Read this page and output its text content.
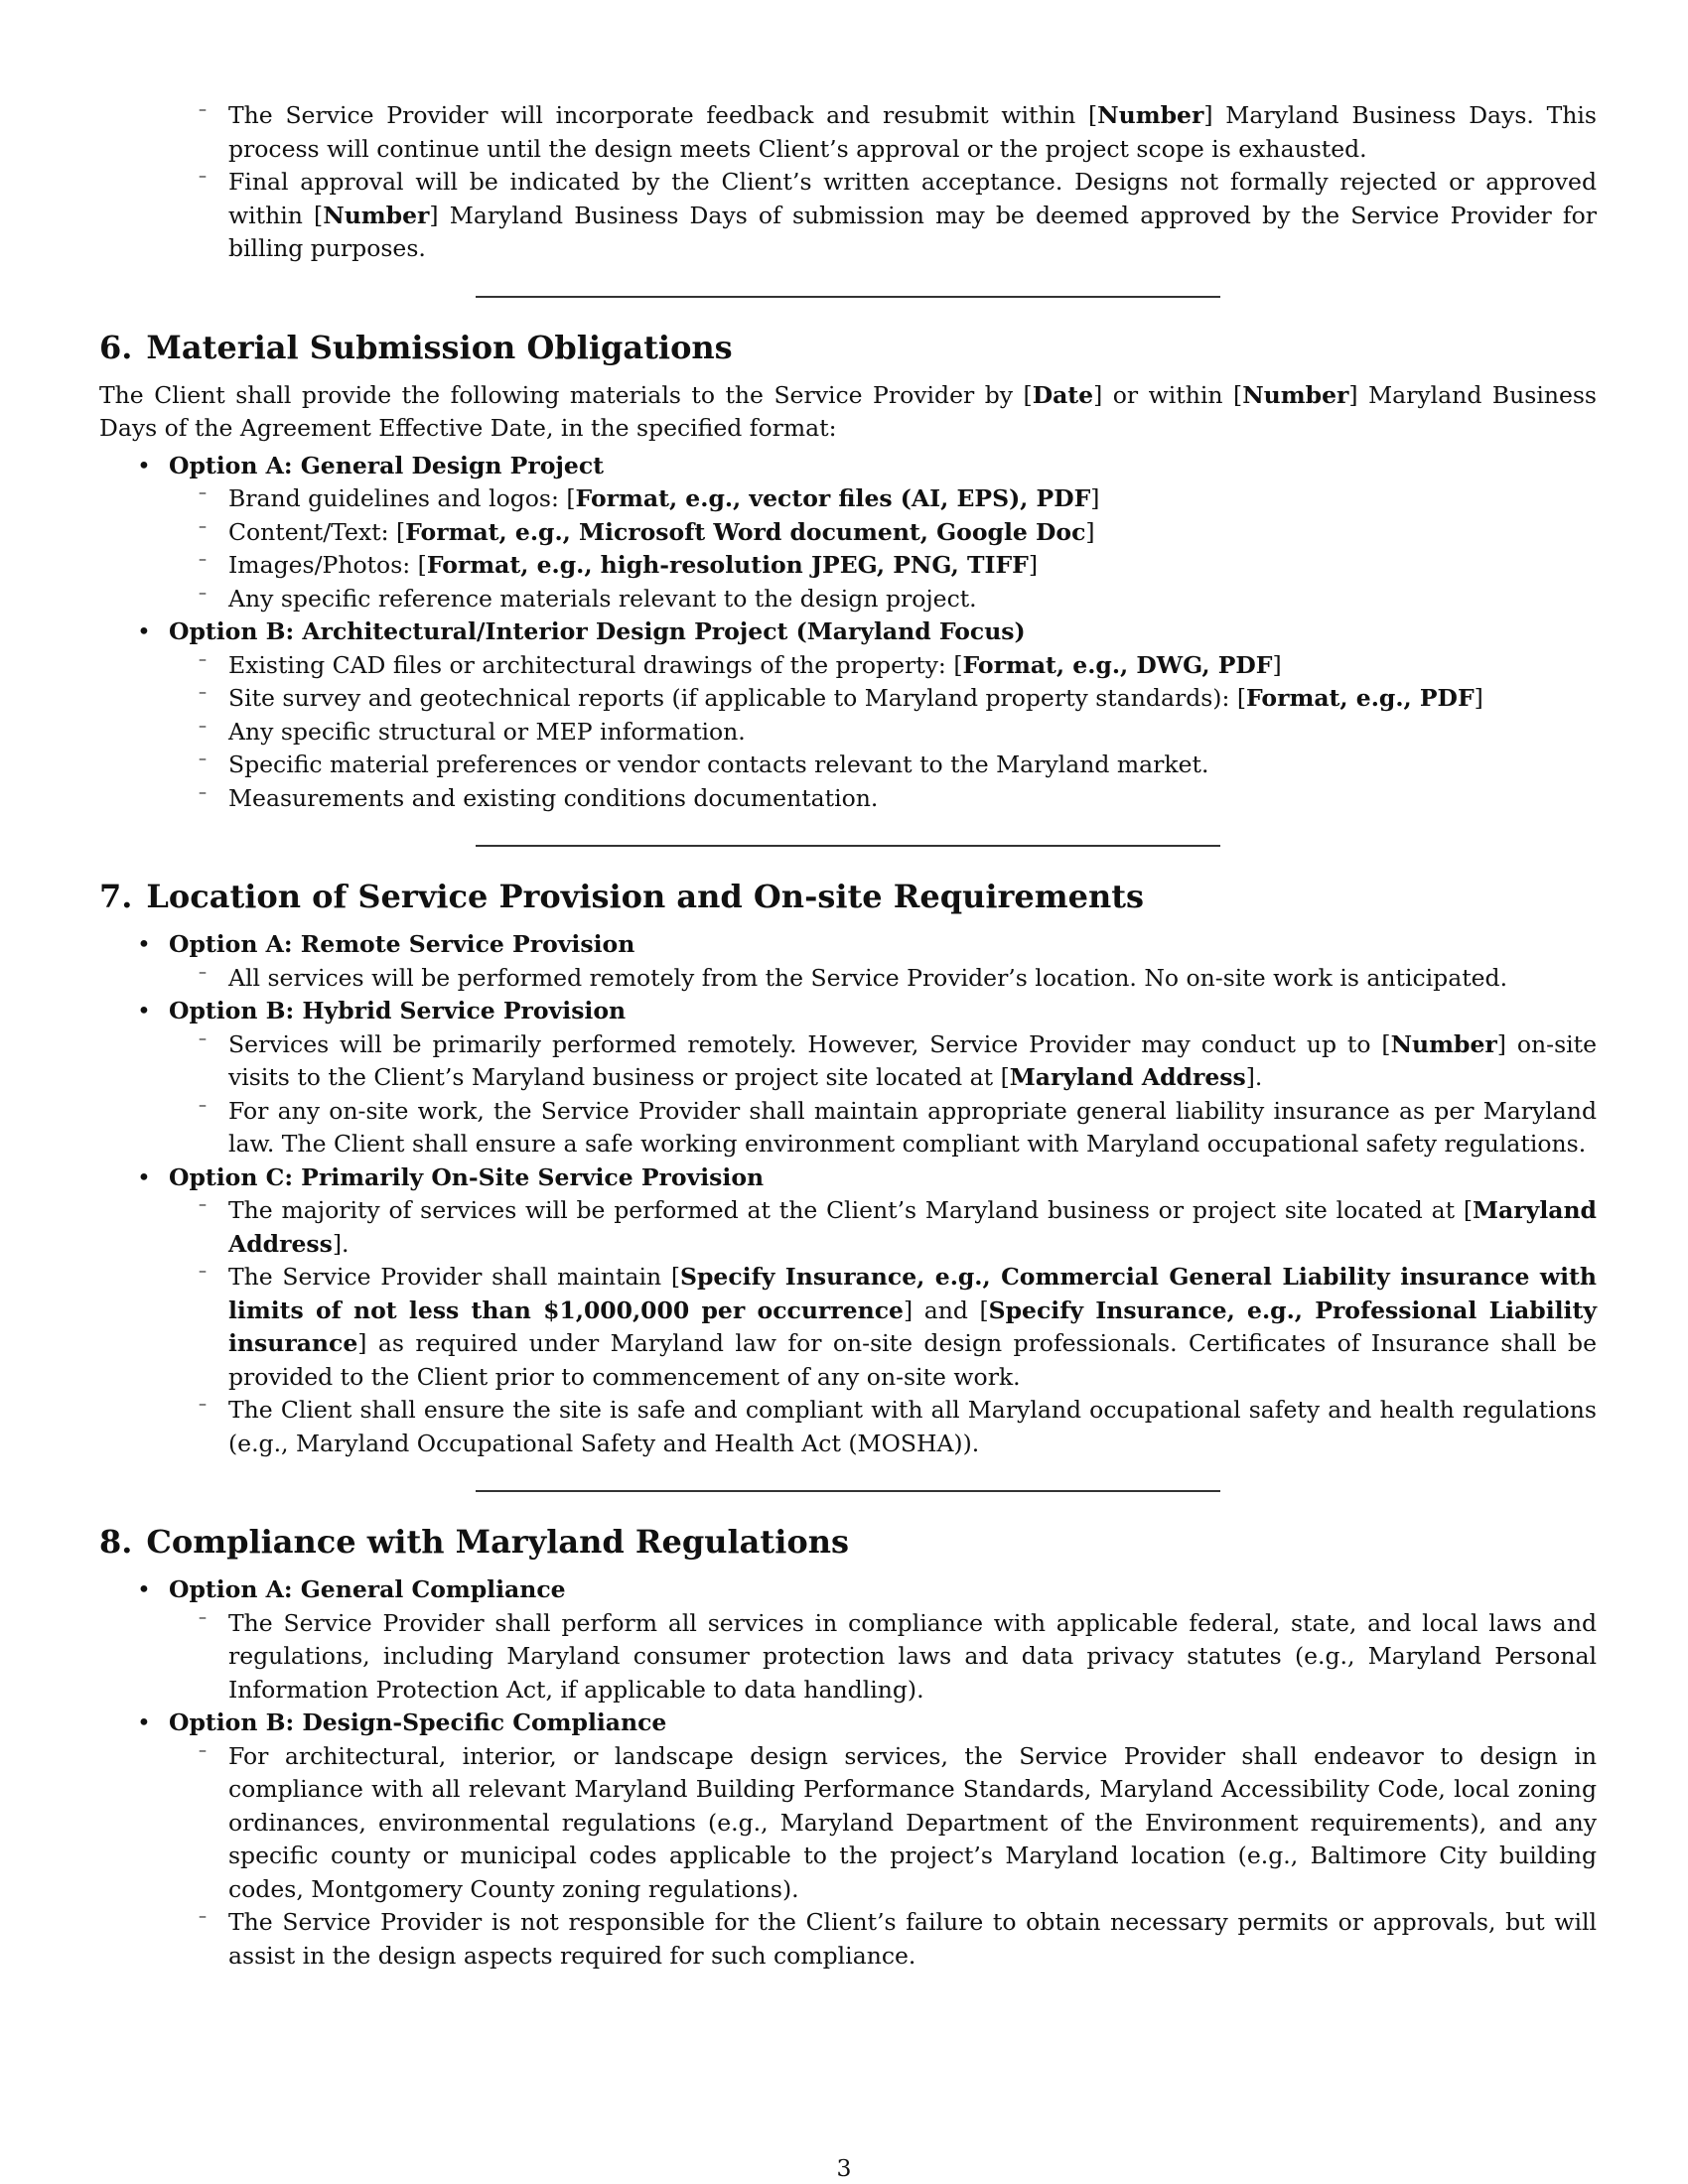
– The Service Provider will incorporate feedback and resubmit within [Number] Maryland Business Days. This process will continue until the design meets Client’s approval or the project scope is exhausted.
– Final approval will be indicated by the Client’s written acceptance. Designs not formally rejected or approved within [Number] Maryland Business Days of submission may be deemed approved by the Service Provider for billing purposes.
6. Material Submission Obligations
The Client shall provide the following materials to the Service Provider by [Date] or within [Number] Maryland Business Days of the Agreement Effective Date, in the specified format:
• Option A: General Design Project
– Brand guidelines and logos: [Format, e.g., vector files (AI, EPS), PDF]
– Content/Text: [Format, e.g., Microsoft Word document, Google Doc]
– Images/Photos: [Format, e.g., high-resolution JPEG, PNG, TIFF]
– Any specific reference materials relevant to the design project.
• Option B: Architectural/Interior Design Project (Maryland Focus)
– Existing CAD files or architectural drawings of the property: [Format, e.g., DWG, PDF]
– Site survey and geotechnical reports (if applicable to Maryland property standards): [Format, e.g., PDF]
– Any specific structural or MEP information.
– Specific material preferences or vendor contacts relevant to the Maryland market.
– Measurements and existing conditions documentation.
7. Location of Service Provision and On-site Requirements
• Option A: Remote Service Provision
– All services will be performed remotely from the Service Provider’s location. No on-site work is anticipated.
• Option B: Hybrid Service Provision
– Services will be primarily performed remotely. However, Service Provider may conduct up to [Number] on-site visits to the Client’s Maryland business or project site located at [Maryland Address].
– For any on-site work, the Service Provider shall maintain appropriate general liability insurance as per Maryland law. The Client shall ensure a safe working environment compliant with Maryland occupational safety regulations.
• Option C: Primarily On-Site Service Provision
– The majority of services will be performed at the Client’s Maryland business or project site located at [Maryland Address].
– The Service Provider shall maintain [Specify Insurance, e.g., Commercial General Liability insurance with limits of not less than $1,000,000 per occurrence] and [Specify Insurance, e.g., Professional Liability insurance] as required under Maryland law for on-site design professionals. Certificates of Insurance shall be provided to the Client prior to commencement of any on-site work.
– The Client shall ensure the site is safe and compliant with all Maryland occupational safety and health regulations (e.g., Maryland Occupational Safety and Health Act (MOSHA)).
8. Compliance with Maryland Regulations
• Option A: General Compliance
– The Service Provider shall perform all services in compliance with applicable federal, state, and local laws and regulations, including Maryland consumer protection laws and data privacy statutes (e.g., Maryland Personal Information Protection Act, if applicable to data handling).
• Option B: Design-Specific Compliance
– For architectural, interior, or landscape design services, the Service Provider shall endeavor to design in compliance with all relevant Maryland Building Performance Standards, Maryland Accessibility Code, local zoning ordinances, environmental regulations (e.g., Maryland Department of the Environment requirements), and any specific county or municipal codes applicable to the project’s Maryland location (e.g., Baltimore City building codes, Montgomery County zoning regulations).
– The Service Provider is not responsible for the Client’s failure to obtain necessary permits or approvals, but will assist in the design aspects required for such compliance.
3
